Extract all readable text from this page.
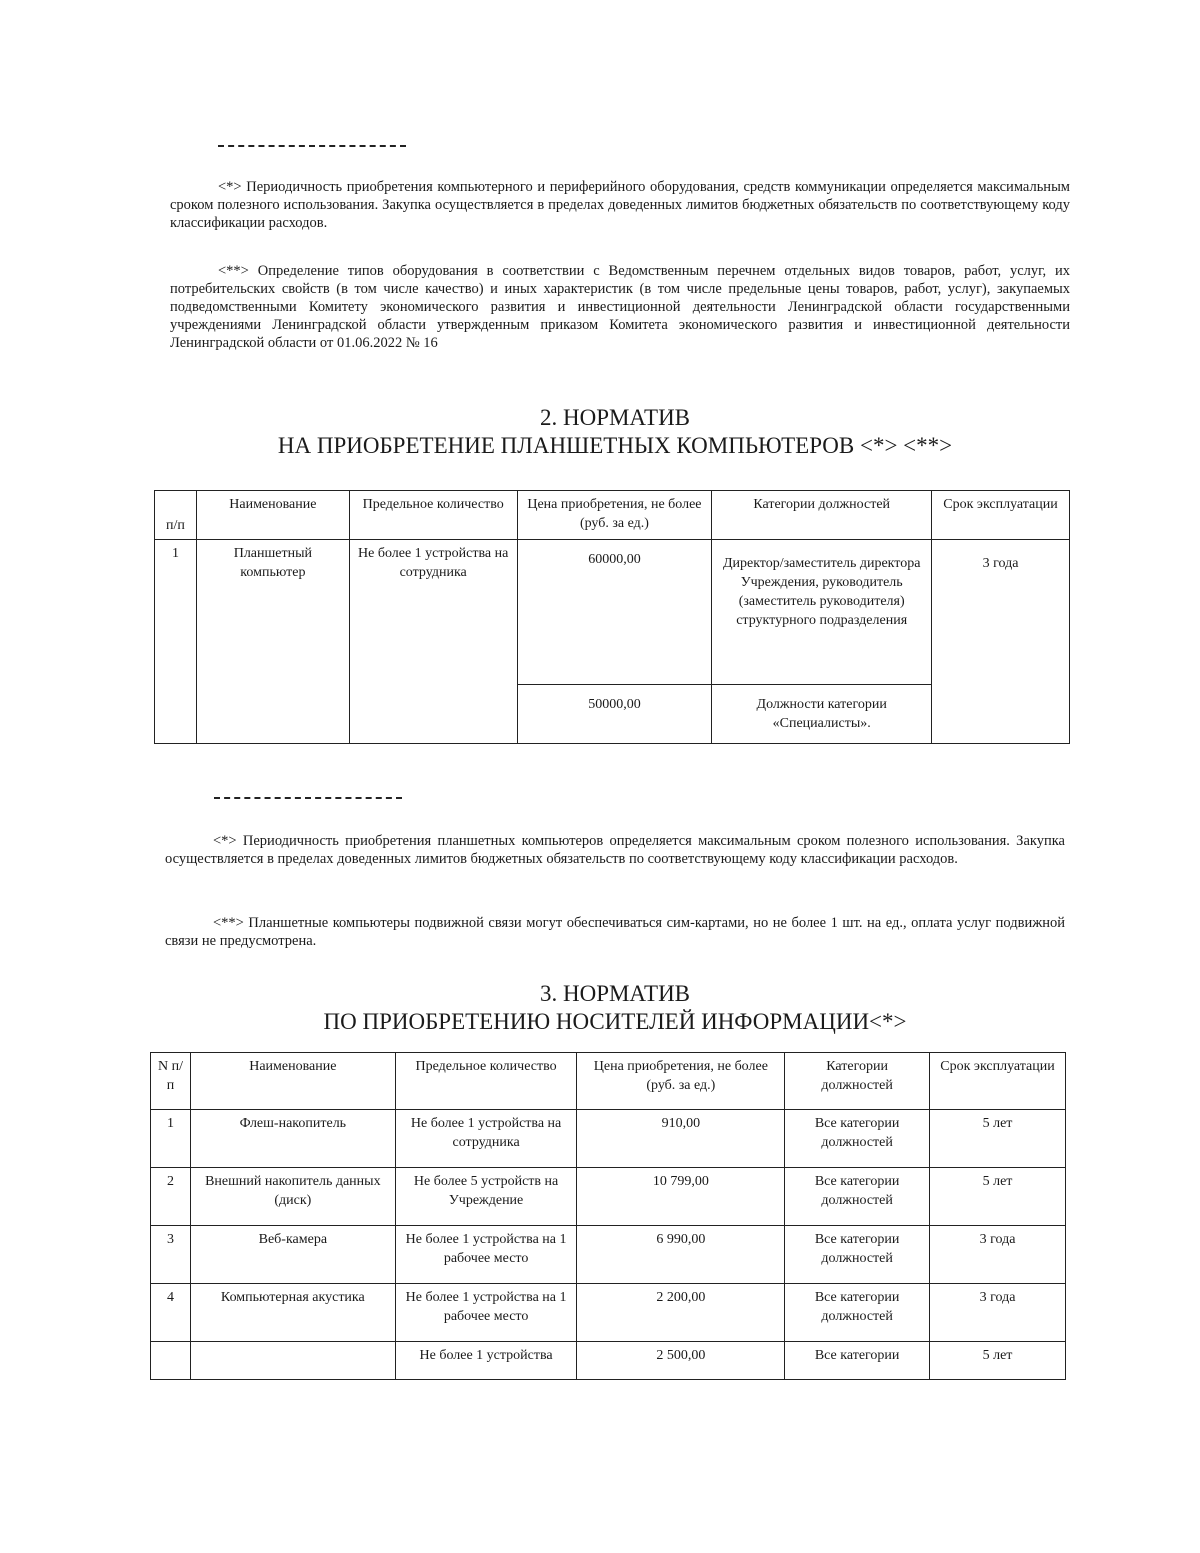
<*> Периодичность приобретения компьютерного и периферийного оборудования, средств коммуникации определяется максимальным сроком полезного использования. Закупка осуществляется в пределах доведенных лимитов бюджетных обязательств по соответствующему коду классификации расходов.

<**> Определение типов оборудования в соответствии с Ведомственным перечнем отдельных видов товаров, работ, услуг, их потребительских свойств (в том числе качество) и иных характеристик (в том числе предельные цены товаров, работ, услуг), закупаемых подведомственными Комитету экономического развития и инвестиционной деятельности Ленинградской области государственными учреждениями Ленинградской области утвержденным приказом Комитета экономического развития и инвестиционной деятельности Ленинградской области от 01.06.2022 № 16

2. НОРМАТИВ
НА ПРИОБРЕТЕНИЕ ПЛАНШЕТНЫХ КОМПЬЮТЕРОВ <*> <**>
п/п	Наименование	Предельное количество	Цена приобретения, не более (руб. за ед.)	Категории должностей	Срок эксплуатации
1	Планшетный компьютер	Не более 1 устройства на сотрудника	60000,00	Директор/заместитель директора Учреждения, руководитель (заместитель руководителя) структурного подразделения	3 года
			50000,00	Должности категории «Специалисты».	

<*> Периодичность приобретения планшетных компьютеров определяется максимальным сроком полезного использования. Закупка осуществляется в пределах доведенных лимитов бюджетных обязательств по соответствующему коду классификации расходов.

<**> Планшетные компьютеры подвижной связи могут обеспечиваться сим-картами, но не более 1 шт. на ед., оплата услуг подвижной связи не предусмотрена.

3. НОРМАТИВ
ПО ПРИОБРЕТЕНИЮ НОСИТЕЛЕЙ ИНФОРМАЦИИ<*>
N п/п	Наименование	Предельное количество	Цена приобретения, не более (руб. за ед.)	Категории должностей	Срок эксплуатации
1	Флеш-накопитель	Не более 1 устройства на сотрудника	910,00	Все категории должностей	5 лет
2	Внешний накопитель данных (диск)	Не более 5 устройств на Учреждение	10 799,00	Все категории должностей	5 лет
3	Веб-камера	Не более 1 устройства на 1 рабочее место	6 990,00	Все категории должностей	3 года
4	Компьютерная акустика	Не более 1 устройства на 1 рабочее место	2 200,00	Все категории должностей	3 года
		Не более 1 устройства	2 500,00	Все категории	5 лет
